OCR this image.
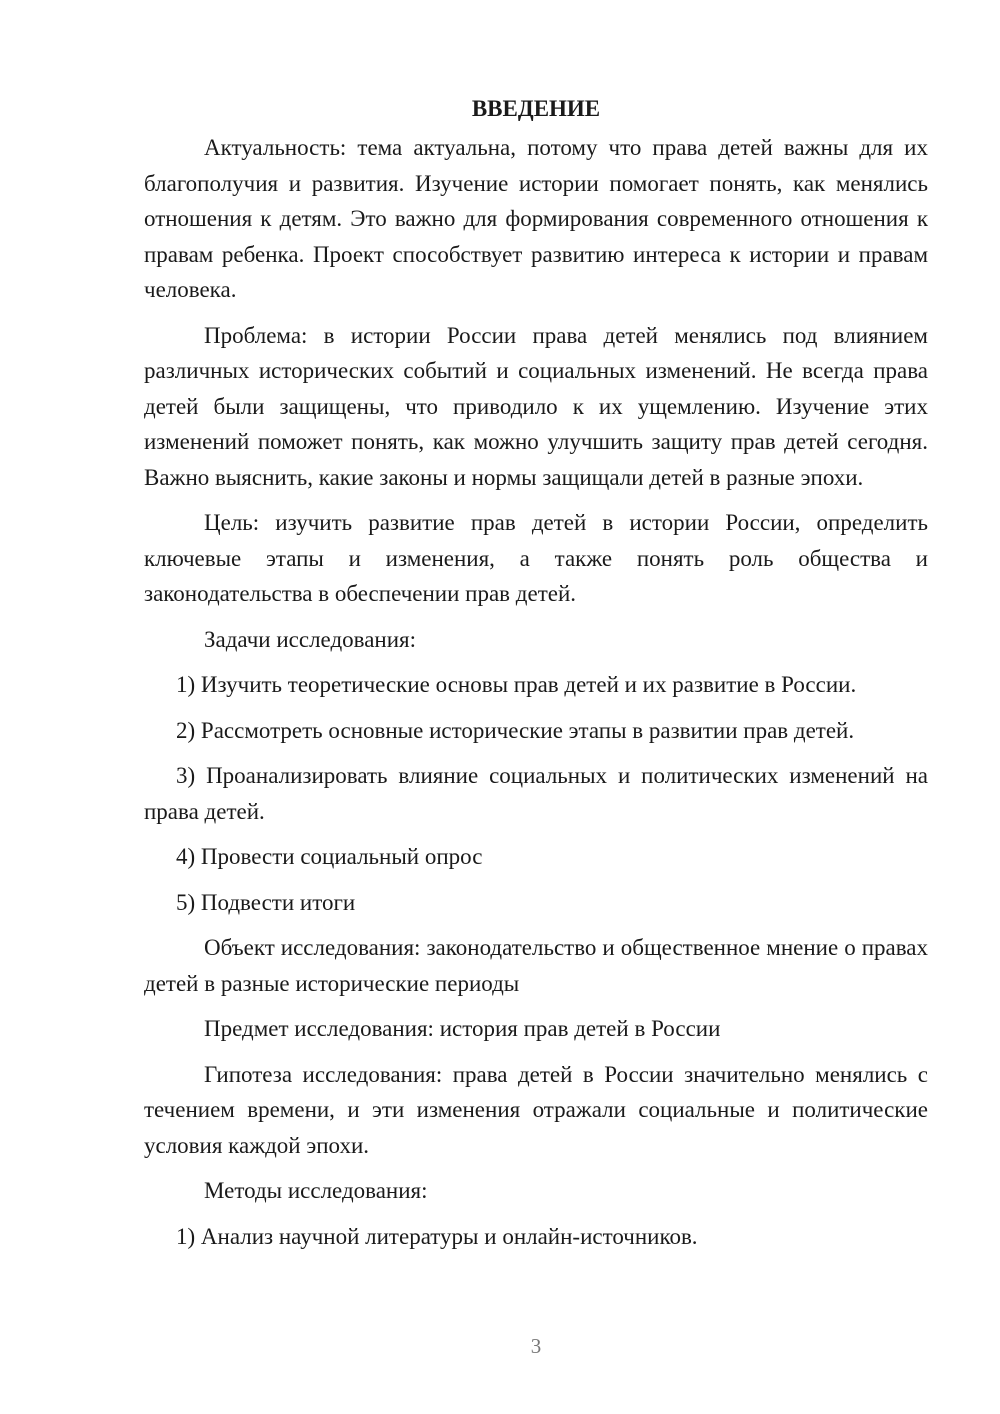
ВВЕДЕНИЕ

Актуальность: тема актуальна, потому что права детей важны для их благополучия и развития. Изучение истории помогает понять, как менялись отношения к детям. Это важно для формирования современного отношения к правам ребенка. Проект способствует развитию интереса к истории и правам человека.

Проблема: в истории России права детей менялись под влиянием различных исторических событий и социальных изменений. Не всегда права детей были защищены, что приводило к их ущемлению. Изучение этих изменений поможет понять, как можно улучшить защиту прав детей сегодня. Важно выяснить, какие законы и нормы защищали детей в разные эпохи.

Цель: изучить развитие прав детей в истории России, определить ключевые этапы и изменения, а также понять роль общества и законодательства в обеспечении прав детей.

Задачи исследования:

1) Изучить теоретические основы прав детей и их развитие в России.

2) Рассмотреть основные исторические этапы в развитии прав детей.

3) Проанализировать влияние социальных и политических изменений на права детей.

4) Провести социальный опрос

5) Подвести итоги

Объект исследования: законодательство и общественное мнение о правах детей в разные исторические периоды

Предмет исследования: история прав детей в России

Гипотеза исследования: права детей в России значительно менялись с течением времени, и эти изменения отражали социальные и политические условия каждой эпохи.

Методы исследования:

1) Анализ научной литературы и онлайн-источников.

3
